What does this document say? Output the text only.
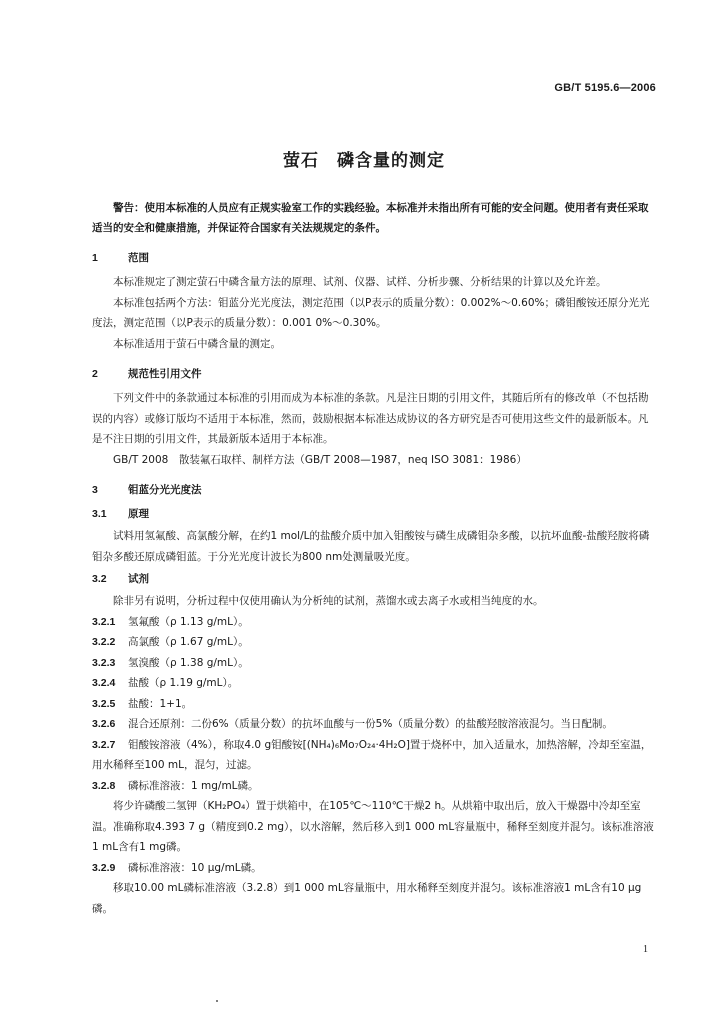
GB/T 5195.6—2006
萤石　磷含量的测定

警告：使用本标准的人员应有正规实验室工作的实践经验。本标准并未指出所有可能的安全问题。使用者有责任采取适当的安全和健康措施，并保证符合国家有关法规规定的条件。

1	范围

本标准规定了测定萤石中磷含量方法的原理、试剂、仪器、试样、分析步骤、分析结果的计算以及允许差。

本标准包括两个方法：钼蓝分光光度法，测定范围（以P表示的质量分数）：0.002%～0.60%；磷钼酸铵还原分光光度法，测定范围（以P表示的质量分数）：0.001 0%～0.30%。

本标准适用于萤石中磷含量的测定。

2	规范性引用文件

下列文件中的条款通过本标准的引用而成为本标准的条款。凡是注日期的引用文件，其随后所有的修改单（不包括勘误的内容）或修订版均不适用于本标准，然而，鼓励根据本标准达成协议的各方研究是否可使用这些文件的最新版本。凡是不注日期的引用文件，其最新版本适用于本标准。

GB/T 2008　散装氟石取样、制样方法（GB/T 2008—1987，neq ISO 3081：1986）

3	钼蓝分光光度法
3.1 原理

试料用氢氟酸、高氯酸分解，在约1 mol/L的盐酸介质中加入钼酸铵与磷生成磷钼杂多酸，以抗坏血酸-盐酸羟胺将磷钼杂多酸还原成磷钼蓝。于分光光度计波长为800 nm处测量吸光度。

3.2 试剂

除非另有说明，分析过程中仅使用确认为分析纯的试剂，蒸馏水或去离子水或相当纯度的水。

3.2.1 氢氟酸（ρ 1.13 g/mL）。
3.2.2 高氯酸（ρ 1.67 g/mL）。
3.2.3 氢溴酸（ρ 1.38 g/mL）。
3.2.4 盐酸（ρ 1.19 g/mL）。
3.2.5 盐酸：1+1。
3.2.6 混合还原剂：二份6%（质量分数）的抗坏血酸与一份5%（质量分数）的盐酸羟胺溶液混匀。当日配制。
3.2.7 钼酸铵溶液（4%），称取4.0 g钼酸铵[(NH₄)₆Mo₇O₂₄·4H₂O]置于烧杯中，加入适量水，加热溶解，冷却至室温，用水稀释至100 mL，混匀，过滤。
3.2.8 磷标准溶液：1 mg/mL磷。

将少许磷酸二氢钾（KH₂PO₄）置于烘箱中，在105℃～110℃干燥2 h。从烘箱中取出后，放入干燥器中冷却至室温。准确称取4.393 7 g（精度到0.2 mg），以水溶解，然后移入到1 000 mL容量瓶中，稀释至刻度并混匀。该标准溶液1 mL含有1 mg磷。

3.2.9 磷标准溶液：10 μg/mL磷。

移取10.00 mL磷标准溶液（3.2.8）到1 000 mL容量瓶中，用水稀释至刻度并混匀。该标准溶液1 mL含有10 μg磷。

1
